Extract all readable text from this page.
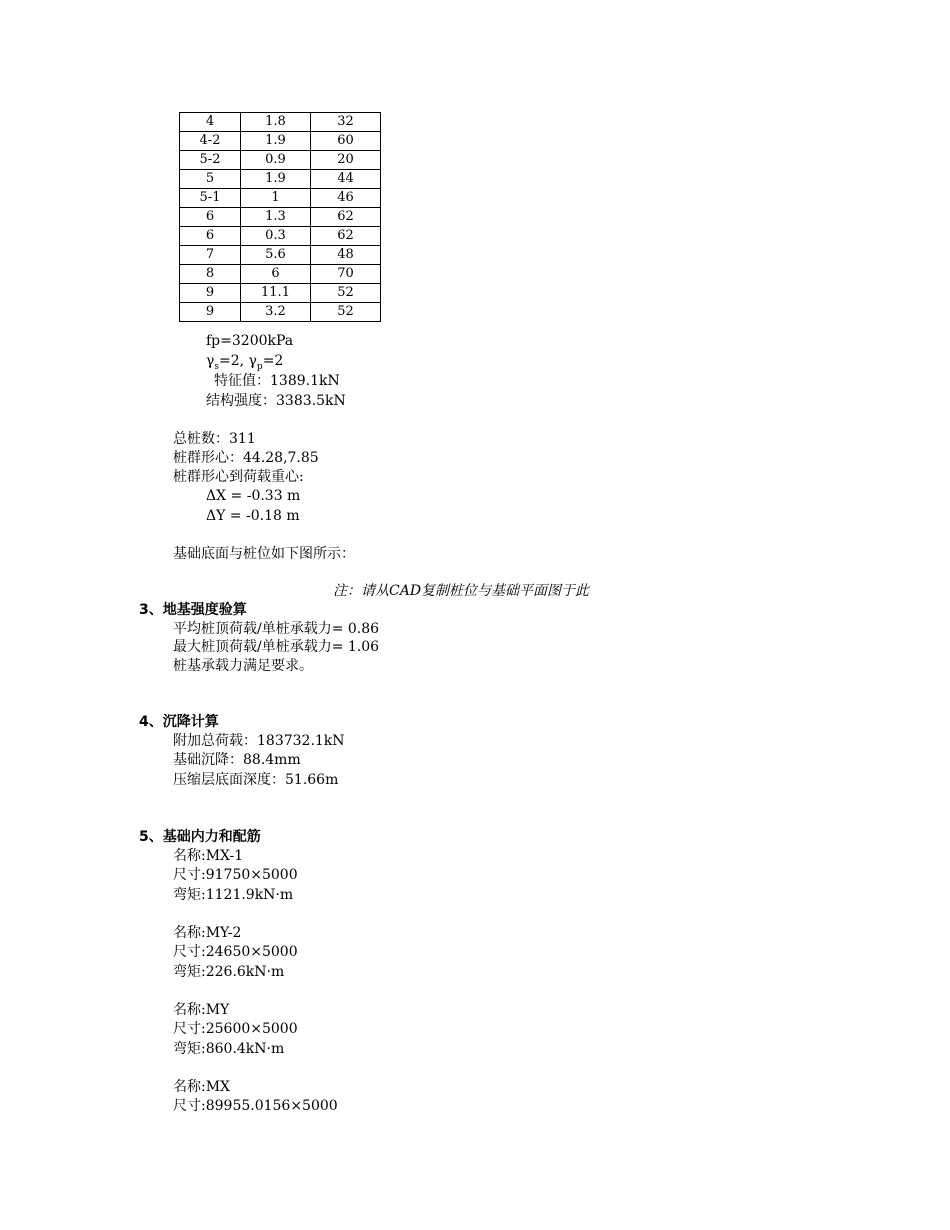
4	1.8	32
4-2	1.9	60
5-2	0.9	20
5	1.9	44
5-1	1	46
6	1.3	62
6	0.3	62
7	5.6	48
8	6	70
9	11.1	52
9	3.2	52
fp=3200kPa
$\gamma_s=2$, $\gamma_p=2$
特征值：1389.1kN
结构强度：3383.5kN
总桩数：311
桩群形心：44.28,7.85
桩群形心到荷载重心:
ΔX = -0.33 m
ΔY = -0.18 m
基础底面与桩位如下图所示：
注：请从CAD复制桩位与基础平面图于此
3、地基强度验算
平均桩顶荷载/单桩承载力= 0.86
最大桩顶荷载/单桩承载力= 1.06
桩基承载力满足要求。
4、沉降计算
附加总荷载：183732.1kN
基础沉降：88.4mm
压缩层底面深度：51.66m
5、基础内力和配筋
名称:MX-1
尺寸:91750×5000
弯矩:1121.9kN·m
名称:MY-2
尺寸:24650×5000
弯矩:226.6kN·m
名称:MY
尺寸:25600×5000
弯矩:860.4kN·m
名称:MX
尺寸:89955.0156×5000
